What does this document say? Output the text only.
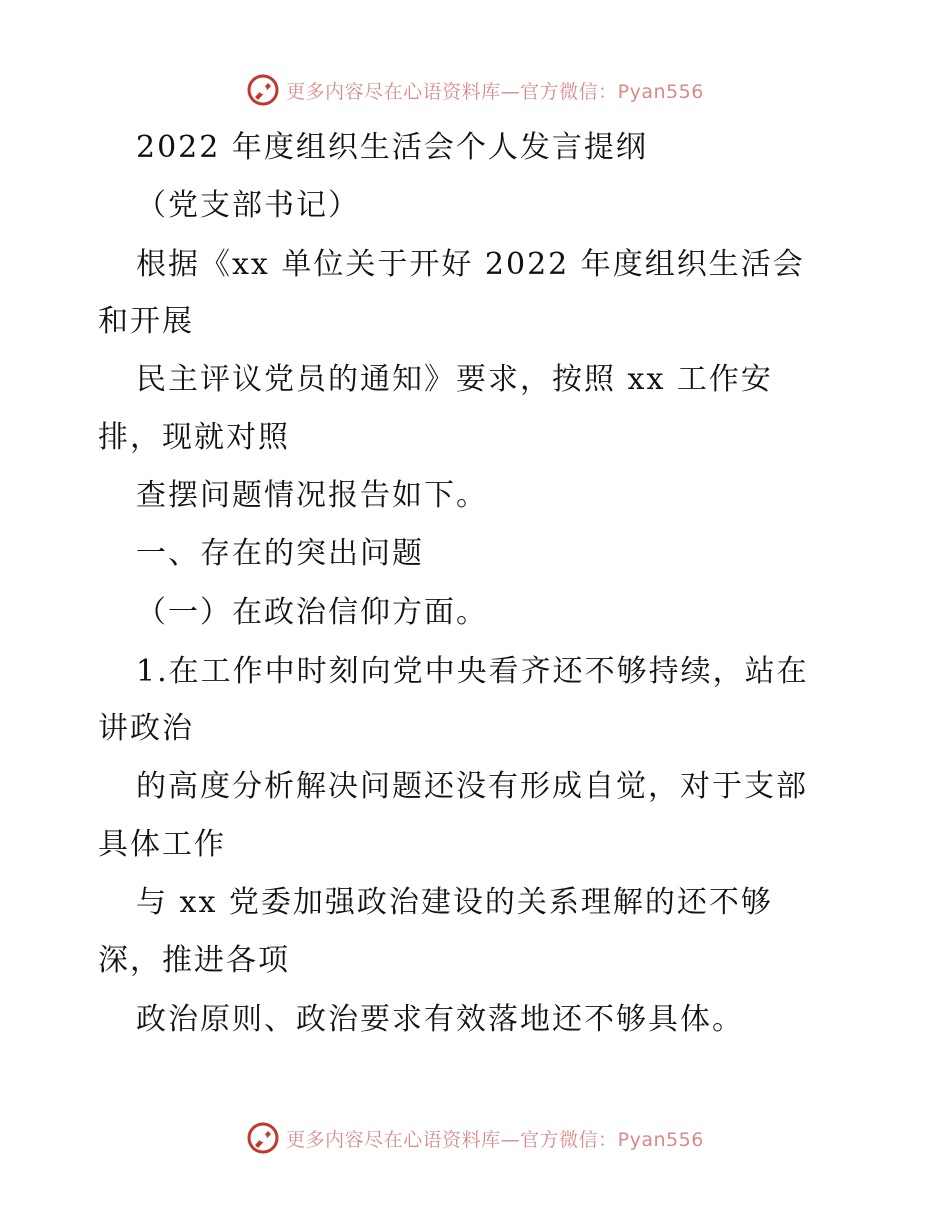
更多内容尽在心语资料库—官方微信：Pyan556
2022 年度组织生活会个人发言提纲
（党支部书记）
根据《xx 单位关于开好 2022 年度组织生活会
和开展
民主评议党员的通知》要求，按照 xx 工作安
排，现就对照
查摆问题情况报告如下。
一、存在的突出问题
（一）在政治信仰方面。
1.在工作中时刻向党中央看齐还不够持续，站在
讲政治
的高度分析解决问题还没有形成自觉，对于支部
具体工作
与 xx 党委加强政治建设的关系理解的还不够
深，推进各项
政治原则、政治要求有效落地还不够具体。
更多内容尽在心语资料库—官方微信：Pyan556
